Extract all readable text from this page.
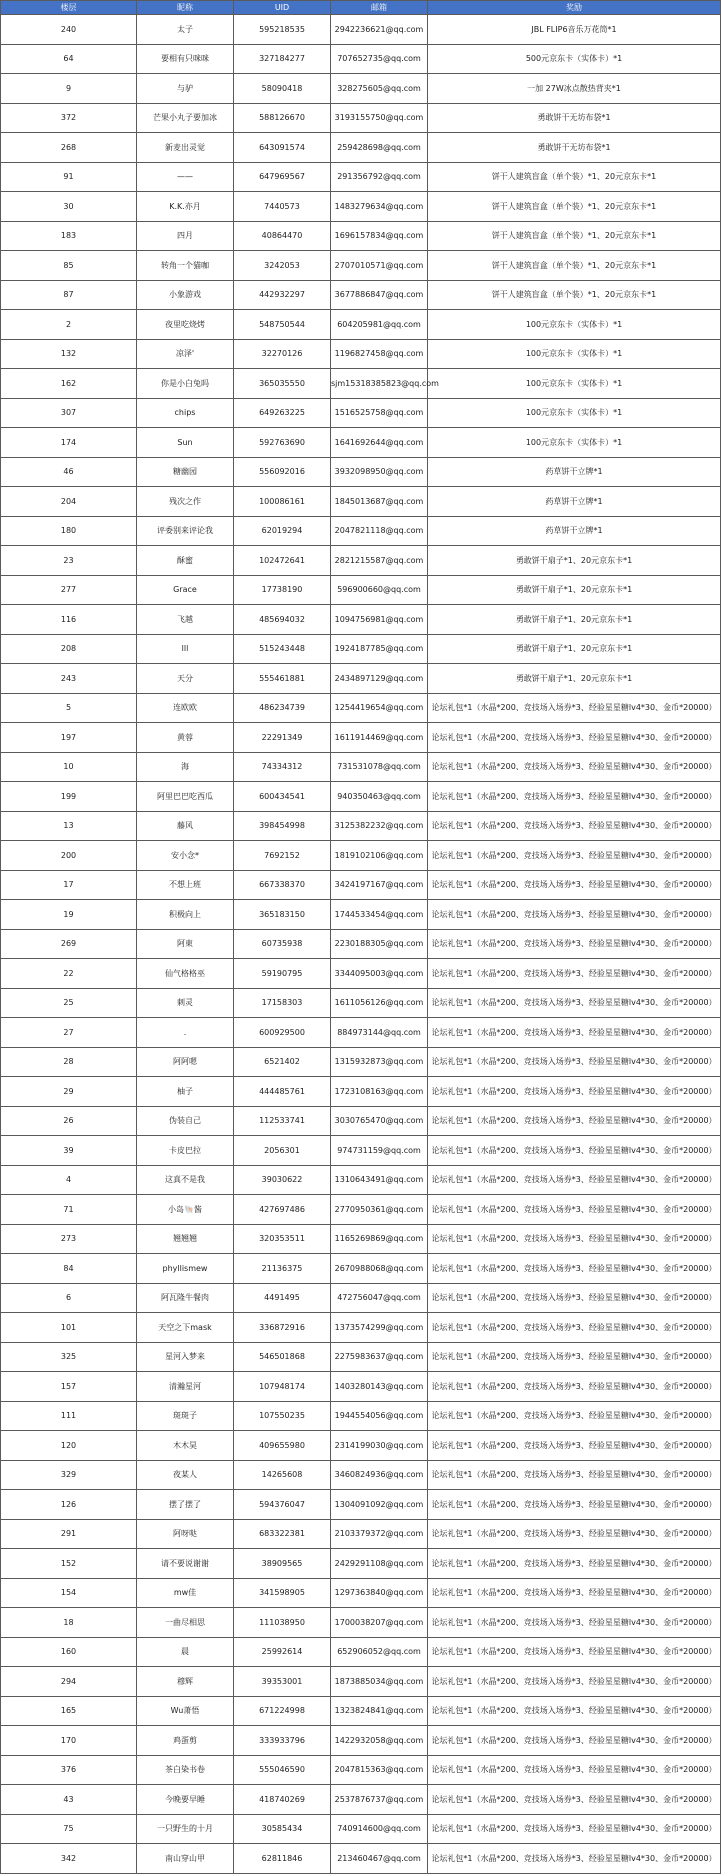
楼层	昵称	UID	邮箱	奖励
240	太子	595218535	2942236621@qq.com	JBL FLIP6音乐万花筒*1
64	要相有只咪咪	327184277	707652735@qq.com	500元京东卡（实体卡）*1
9	与驴	58090418	328275605@qq.com	一加 27W冰点散热背夹*1
372	芒果小丸子要加冰	588126670	3193155750@qq.com	勇敢饼干无坊布袋*1
268	新麦出灵觉	643091574	259428698@qq.com	勇敢饼干无坊布袋*1
91	——	647969567	291356792@qq.com	饼干人建筑盲盒（单个装）*1、20元京东卡*1
30	K.K.亦月	7440573	1483279634@qq.com	饼干人建筑盲盒（单个装）*1、20元京东卡*1
183	四月	40864470	1696157834@qq.com	饼干人建筑盲盒（单个装）*1、20元京东卡*1
85	转角一个猫咖	3242053	2707010571@qq.com	饼干人建筑盲盒（单个装）*1、20元京东卡*1
87	小象游戏	442932297	3677886847@qq.com	饼干人建筑盲盒（单个装）*1、20元京东卡*1
2	夜里吃烧烤	548750544	604205981@qq.com	100元京东卡（实体卡）*1
132	凉泽'	32270126	1196827458@qq.com	100元京东卡（实体卡）*1
162	你是小白兔吗	365035550	sjm15318385823@qq.com	100元京东卡（实体卡）*1
307	chips	649263225	1516525758@qq.com	100元京东卡（实体卡）*1
174	Sun	592763690	1641692644@qq.com	100元京东卡（实体卡）*1
46	糖幽园	556092016	3932098950@qq.com	药草饼干立牌*1
204	残次之作	100086161	1845013687@qq.com	药草饼干立牌*1
180	评委别来评论我	62019294	2047821118@qq.com	药草饼干立牌*1
23	酥蜜	102472641	2821215587@qq.com	勇敢饼干扇子*1、20元京东卡*1
277	Grace	17738190	596900660@qq.com	勇敢饼干扇子*1、20元京东卡*1
116	飞越	485694032	1094756981@qq.com	勇敢饼干扇子*1、20元京东卡*1
208	lll	515243448	1924187785@qq.com	勇敢饼干扇子*1、20元京东卡*1
243	天分	555461881	2434897129@qq.com	勇敢饼干扇子*1、20元京东卡*1
5	连欧欧	486234739	1254419654@qq.com	论坛礼包*1（水晶*200、竞技场入场券*3、经验星星糖lv4*30、金币*20000）
197	黄蓉	22291349	1611914469@qq.com	论坛礼包*1（水晶*200、竞技场入场券*3、经验星星糖lv4*30、金币*20000）
10	海	74334312	731531078@qq.com	论坛礼包*1（水晶*200、竞技场入场券*3、经验星星糖lv4*30、金币*20000）
199	阿里巴巴吃西瓜	600434541	940350463@qq.com	论坛礼包*1（水晶*200、竞技场入场券*3、经验星星糖lv4*30、金币*20000）
13	藤风	398454998	3125382232@qq.com	论坛礼包*1（水晶*200、竞技场入场券*3、经验星星糖lv4*30、金币*20000）
200	安小念*	7692152	1819102106@qq.com	论坛礼包*1（水晶*200、竞技场入场券*3、经验星星糖lv4*30、金币*20000）
17	不想上班	667338370	3424197167@qq.com	论坛礼包*1（水晶*200、竞技场入场券*3、经验星星糖lv4*30、金币*20000）
19	积极向上	365183150	1744533454@qq.com	论坛礼包*1（水晶*200、竞技场入场券*3、经验星星糖lv4*30、金币*20000）
269	阿東	60735938	2230188305@qq.com	论坛礼包*1（水晶*200、竞技场入场券*3、经验星星糖lv4*30、金币*20000）
22	仙气格格巫	59190795	3344095003@qq.com	论坛礼包*1（水晶*200、竞技场入场券*3、经验星星糖lv4*30、金币*20000）
25	刺灵	17158303	1611056126@qq.com	论坛礼包*1（水晶*200、竞技场入场券*3、经验星星糖lv4*30、金币*20000）
27	.	600929500	884973144@qq.com	论坛礼包*1（水晶*200、竞技场入场券*3、经验星星糖lv4*30、金币*20000）
28	阿阿嗯	6521402	1315932873@qq.com	论坛礼包*1（水晶*200、竞技场入场券*3、经验星星糖lv4*30、金币*20000）
29	柚子	444485761	1723108163@qq.com	论坛礼包*1（水晶*200、竞技场入场券*3、经验星星糖lv4*30、金币*20000）
26	伪装自己	112533741	3030765470@qq.com	论坛礼包*1（水晶*200、竞技场入场券*3、经验星星糖lv4*30、金币*20000）
39	卡皮巴拉	2056301	974731159@qq.com	论坛礼包*1（水晶*200、竞技场入场券*3、经验星星糖lv4*30、金币*20000）
4	这真不是我	39030622	1310643491@qq.com	论坛礼包*1（水晶*200、竞技场入场券*3、经验星星糖lv4*30、金币*20000）
71	小岛🐚酱	427697486	2770950361@qq.com	论坛礼包*1（水晶*200、竞技场入场券*3、经验星星糖lv4*30、金币*20000）
273	翘翘翘	320353511	1165269869@qq.com	论坛礼包*1（水晶*200、竞技场入场券*3、经验星星糖lv4*30、金币*20000）
84	phyllismew	21136375	2670988068@qq.com	论坛礼包*1（水晶*200、竞技场入场券*3、经验星星糖lv4*30、金币*20000）
6	阿瓦隆牛餐肉	4491495	472756047@qq.com	论坛礼包*1（水晶*200、竞技场入场券*3、经验星星糖lv4*30、金币*20000）
101	天空之下mask	336872916	1373574299@qq.com	论坛礼包*1（水晶*200、竞技场入场券*3、经验星星糖lv4*30、金币*20000）
325	星河入梦来	546501868	2275983637@qq.com	论坛礼包*1（水晶*200、竞技场入场券*3、经验星星糖lv4*30、金币*20000）
157	清瀚星河	107948174	1403280143@qq.com	论坛礼包*1（水晶*200、竞技场入场券*3、经验星星糖lv4*30、金币*20000）
111	斑斑子	107550235	1944554056@qq.com	论坛礼包*1（水晶*200、竞技场入场券*3、经验星星糖lv4*30、金币*20000）
120	木木昊	409655980	2314199030@qq.com	论坛礼包*1（水晶*200、竞技场入场券*3、经验星星糖lv4*30、金币*20000）
329	夜某人	14265608	3460824936@qq.com	论坛礼包*1（水晶*200、竞技场入场券*3、经验星星糖lv4*30、金币*20000）
126	摆了摆了	594376047	1304091092@qq.com	论坛礼包*1（水晶*200、竞技场入场券*3、经验星星糖lv4*30、金币*20000）
291	阿呀哒	683322381	2103379372@qq.com	论坛礼包*1（水晶*200、竞技场入场券*3、经验星星糖lv4*30、金币*20000）
152	请不要说谢谢	38909565	2429291108@qq.com	论坛礼包*1（水晶*200、竞技场入场券*3、经验星星糖lv4*30、金币*20000）
154	mw佳	341598905	1297363840@qq.com	论坛礼包*1（水晶*200、竞技场入场券*3、经验星星糖lv4*30、金币*20000）
18	一曲尽相思	111038950	1700038207@qq.com	论坛礼包*1（水晶*200、竞技场入场券*3、经验星星糖lv4*30、金币*20000）
160	晨	25992614	652906052@qq.com	论坛礼包*1（水晶*200、竞技场入场券*3、经验星星糖lv4*30、金币*20000）
294	穆辉	39353001	1873885034@qq.com	论坛礼包*1（水晶*200、竞技场入场券*3、经验星星糖lv4*30、金币*20000）
165	Wu萧悟	671224998	1323824841@qq.com	论坛礼包*1（水晶*200、竞技场入场券*3、经验星星糖lv4*30、金币*20000）
170	鸡蛋剪	333933796	1422932058@qq.com	论坛礼包*1（水晶*200、竞技场入场券*3、经验星星糖lv4*30、金币*20000）
376	茶白染书卷	555046590	2047815363@qq.com	论坛礼包*1（水晶*200、竞技场入场券*3、经验星星糖lv4*30、金币*20000）
43	今晚要早睡	418740269	2537876737@qq.com	论坛礼包*1（水晶*200、竞技场入场券*3、经验星星糖lv4*30、金币*20000）
75	一只野生的十月	30585434	740914600@qq.com	论坛礼包*1（水晶*200、竞技场入场券*3、经验星星糖lv4*30、金币*20000）
342	南山穿山甲	62811846	213460467@qq.com	论坛礼包*1（水晶*200、竞技场入场券*3、经验星星糖lv4*30、金币*20000）
